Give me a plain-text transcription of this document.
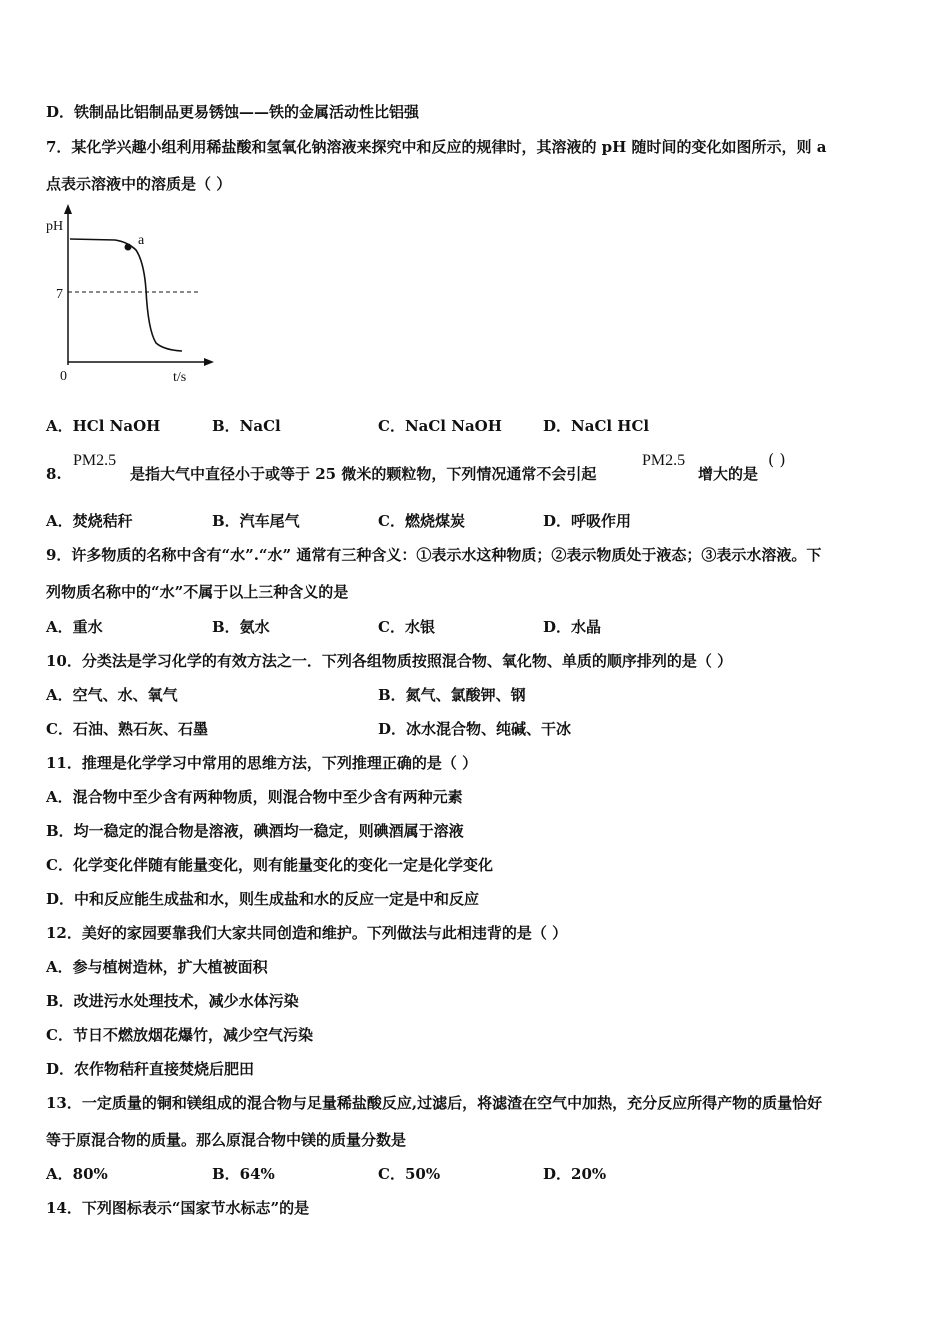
D．铁制品比铝制品更易锈蚀——铁的金属活动性比铝强
7．某化学兴趣小组利用稀盐酸和氢氧化钠溶液来探究中和反应的规律时，其溶液的 pH 随时间的变化如图所示，则 a
点表示溶液中的溶质是（ ）
pH
7
a
0	t/s
A．HCl NaOH	B．NaCl	C．NaCl NaOH	D．NaCl HCl
8.
PM2.5
是指大气中直径小于或等于 25 微米的颗粒物，下列情况通常不会引起
PM2.5
增大的是
( )
A．焚烧秸秆	B．汽车尾气	C．燃烧煤炭	D．呼吸作用
9．许多物质的名称中含有“水”.“水” 通常有三种含义：①表示水这种物质；②表示物质处于液态；③表示水溶液。下
列物质名称中的“水”不属于以上三种含义的是
A．重水	B．氨水	C．水银	D．水晶
10．分类法是学习化学的有效方法之一．下列各组物质按照混合物、氧化物、单质的顺序排列的是（ ）
A．空气、水、氧气	B．氮气、氯酸钾、钢
C．石油、熟石灰、石墨	D．冰水混合物、纯碱、干冰
11．推理是化学学习中常用的思维方法，下列推理正确的是（ ）
A．混合物中至少含有两种物质，则混合物中至少含有两种元素
B．均一稳定的混合物是溶液，碘酒均一稳定，则碘酒属于溶液
C．化学变化伴随有能量变化，则有能量变化的变化一定是化学变化
D．中和反应能生成盐和水，则生成盐和水的反应一定是中和反应
12．美好的家园要靠我们大家共同创造和维护。下列做法与此相违背的是（ ）
A．参与植树造林，扩大植被面积
B．改进污水处理技术，减少水体污染
C．节日不燃放烟花爆竹，减少空气污染
D．农作物秸秆直接焚烧后肥田
13．一定质量的铜和镁组成的混合物与足量稀盐酸反应,过滤后，将滤渣在空气中加热，充分反应所得产物的质量恰好
等于原混合物的质量。那么原混合物中镁的质量分数是
A．80%	B．64%	C．50%	D．20%
14．下列图标表示“国家节水标志”的是
